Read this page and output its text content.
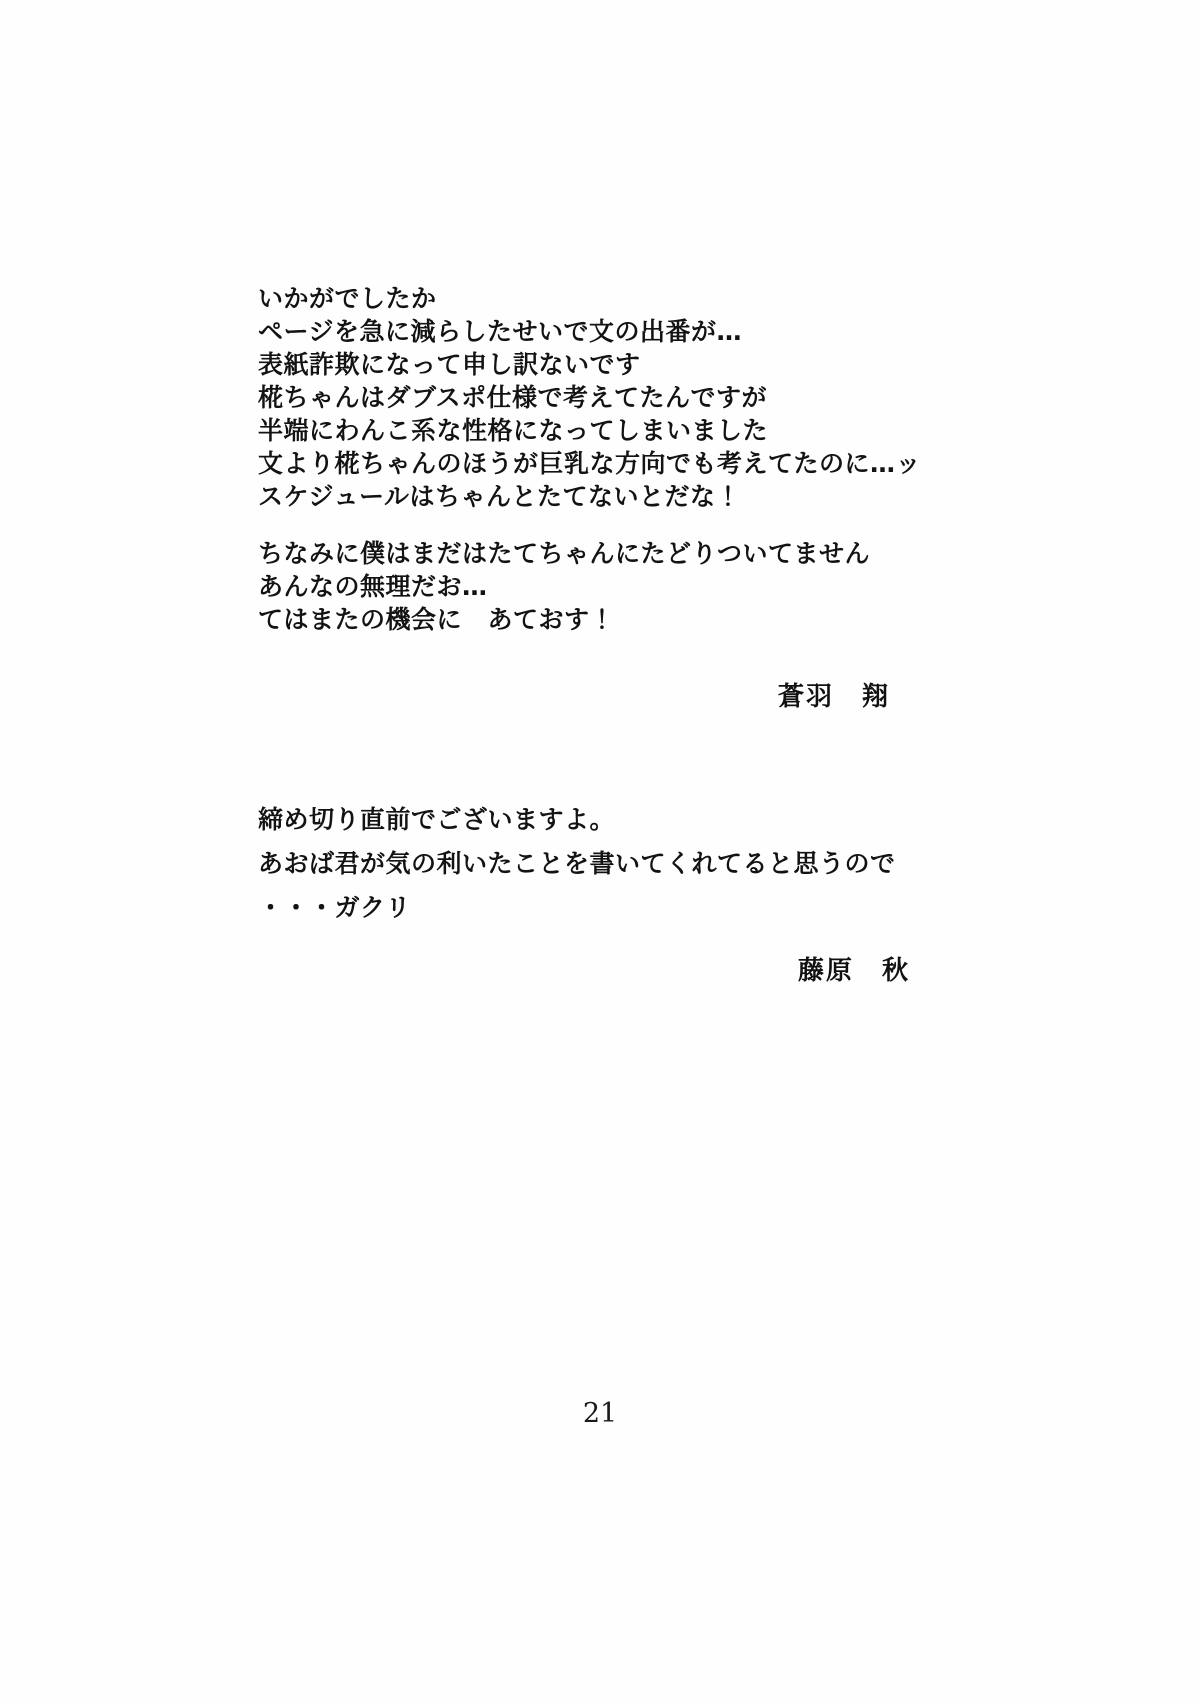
いかがでしたか
ページを急に減らしたせいで文の出番が…
表紙詐欺になって申し訳ないです
椛ちゃんはダブスポ仕様で考えてたんですが
半端にわんこ系な性格になってしまいました
文より椛ちゃんのほうが巨乳な方向でも考えてたのに…ッ
スケジュールはちゃんとたてないとだな！
ちなみに僕はまだはたてちゃんにたどりついてません
あんなの無理だお…
てはまたの機会に　あておす！
蒼羽　翔
締め切り直前でございますよ。
あおば君が気の利いたことを書いてくれてると思うので
・・・ガクリ
藤原　秋
21
